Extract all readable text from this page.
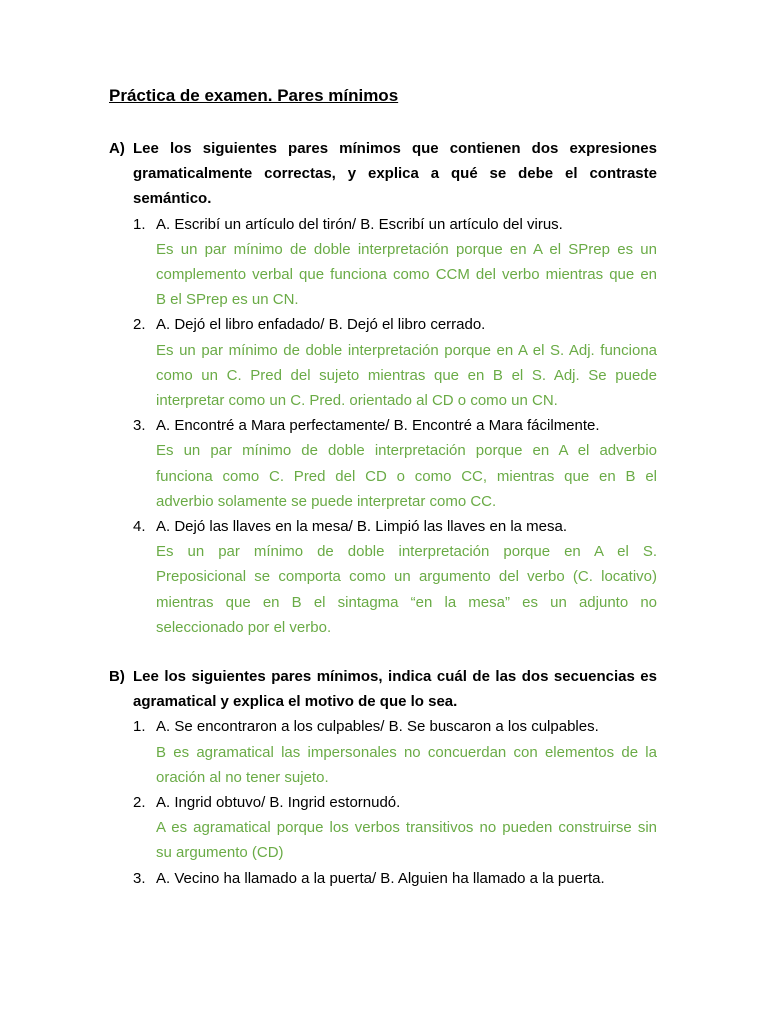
Práctica de examen. Pares mínimos
A) Lee los siguientes pares mínimos que contienen dos expresiones gramaticalmente correctas, y explica a qué se debe el contraste semántico.
1. A. Escribí un artículo del tirón/ B. Escribí un artículo del virus.
Es un par mínimo de doble interpretación porque en A el SPrep es un
complemento verbal que funciona como CCM del verbo mientras que en
B el SPrep es un CN.
2. A. Dejó el libro enfadado/ B. Dejó el libro cerrado.
Es un par mínimo de doble interpretación porque en A el S. Adj. funciona
como un C. Pred del sujeto mientras que en B el S. Adj. Se puede
interpretar como un C. Pred. orientado al CD o como un CN.
3. A. Encontré a Mara perfectamente/ B. Encontré a Mara fácilmente.
Es un par mínimo de doble interpretación porque en A el adverbio
funciona como C. Pred del CD o como CC, mientras que en B el
adverbio solamente se puede interpretar como CC.
4. A. Dejó las llaves en la mesa/ B. Limpió las llaves en la mesa.
Es un par mínimo de doble interpretación porque en A el S.
Preposicional se comporta como un argumento del verbo (C. locativo)
mientras que en B el sintagma “en la mesa” es un adjunto no
seleccionado por el verbo.
B) Lee los siguientes pares mínimos, indica cuál de las dos secuencias es agramatical y explica el motivo de que lo sea.
1. A. Se encontraron a los culpables/ B. Se buscaron a los culpables.
B es agramatical las impersonales no concuerdan con elementos de la
oración al no tener sujeto.
2. A. Ingrid obtuvo/ B. Ingrid estornudó.
A es agramatical porque los verbos transitivos no pueden construirse sin
su argumento (CD)
3. A. Vecino ha llamado a la puerta/ B. Alguien ha llamado a la puerta.
